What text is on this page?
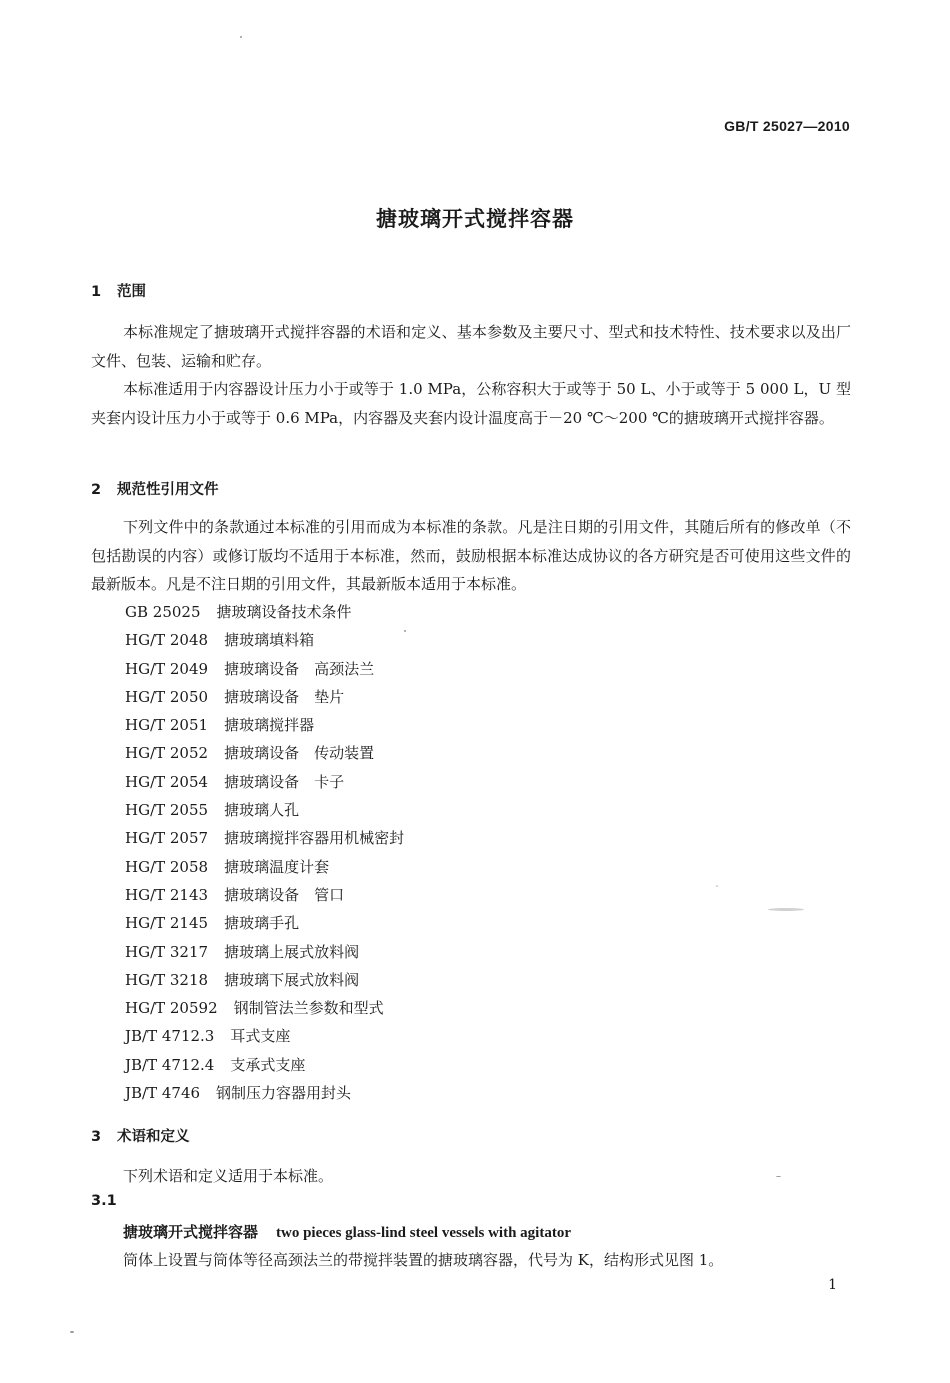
GB/T 25027—2010
搪玻璃开式搅拌容器
1 范围

本标准规定了搪玻璃开式搅拌容器的术语和定义、基本参数及主要尺寸、型式和技术特性、技术要求以及出厂文件、包装、运输和贮存。

本标准适用于内容器设计压力小于或等于 1.0 MPa，公称容积大于或等于 50 L、小于或等于 5 000 L，U 型夹套内设计压力小于或等于 0.6 MPa，内容器及夹套内设计温度高于－20 ℃～200 ℃的搪玻璃开式搅拌容器。

2 规范性引用文件

下列文件中的条款通过本标准的引用而成为本标准的条款。凡是注日期的引用文件，其随后所有的修改单（不包括勘误的内容）或修订版均不适用于本标准，然而，鼓励根据本标准达成协议的各方研究是否可使用这些文件的最新版本。凡是不注日期的引用文件，其最新版本适用于本标准。

GB 25025 搪玻璃设备技术条件
HG/T 2048 搪玻璃填料箱
HG/T 2049 搪玻璃设备　高颈法兰
HG/T 2050 搪玻璃设备　垫片
HG/T 2051 搪玻璃搅拌器
HG/T 2052 搪玻璃设备　传动装置
HG/T 2054 搪玻璃设备　卡子
HG/T 2055 搪玻璃人孔
HG/T 2057 搪玻璃搅拌容器用机械密封
HG/T 2058 搪玻璃温度计套
HG/T 2143 搪玻璃设备　管口
HG/T 2145 搪玻璃手孔
HG/T 3217 搪玻璃上展式放料阀
HG/T 3218 搪玻璃下展式放料阀
HG/T 20592 钢制管法兰参数和型式
JB/T 4712.3 耳式支座
JB/T 4712.4 支承式支座
JB/T 4746 钢制压力容器用封头
3 术语和定义

下列术语和定义适用于本标准。

3.1
搪玻璃开式搅拌容器 two pieces glass-lind steel vessels with agitator
筒体上设置与筒体等径高颈法兰的带搅拌装置的搪玻璃容器，代号为 K，结构形式见图 1。
1
